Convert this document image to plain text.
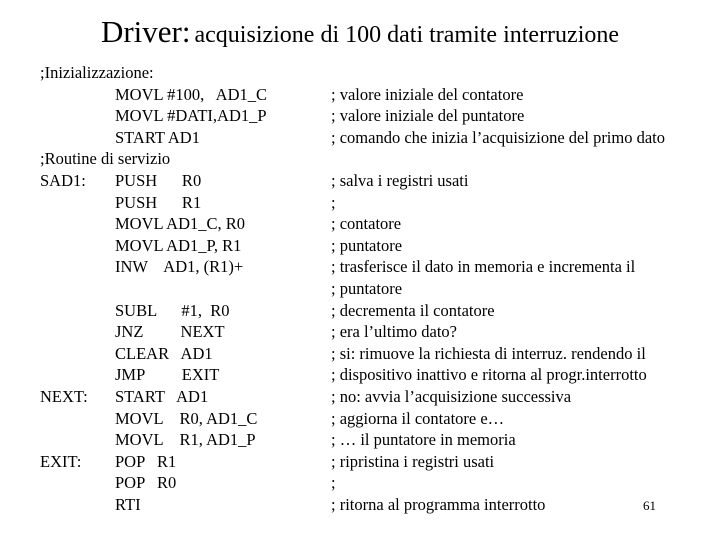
Driver: acquisizione di 100 dati tramite interruzione
;Inizializzazione:
MOVL #100,   AD1_C	; valore iniziale del contatore
MOVL #DATI,AD1_P	; valore iniziale del puntatore
START AD1	; comando che inizia l’acquisizione del primo dato
;Routine di servizio
SAD1: PUSH      R0	; salva i registri usati
PUSH      R1	;
MOVL AD1_C, R0	; contatore
MOVL AD1_P, R1	; puntatore
INW    AD1, (R1)+	; trasferisce il dato in memoria e incrementa il
; puntatore
SUBL      #1,  R0	; decrementa il contatore
JNZ         NEXT	; era l’ultimo dato?
CLEAR   AD1	; si: rimuove la richiesta di interruz. rendendo il
JMP         EXIT	; dispositivo inattivo e ritorna al progr.interrotto
NEXT: START   AD1	; no: avvia l’acquisizione successiva
MOVL    R0, AD1_C	; aggiorna il contatore e…
MOVL    R1, AD1_P	; … il puntatore in memoria
EXIT: POP   R1	; ripristina i registri usati
POP   R0	;
RTI	; ritorna al programma interrotto	61
